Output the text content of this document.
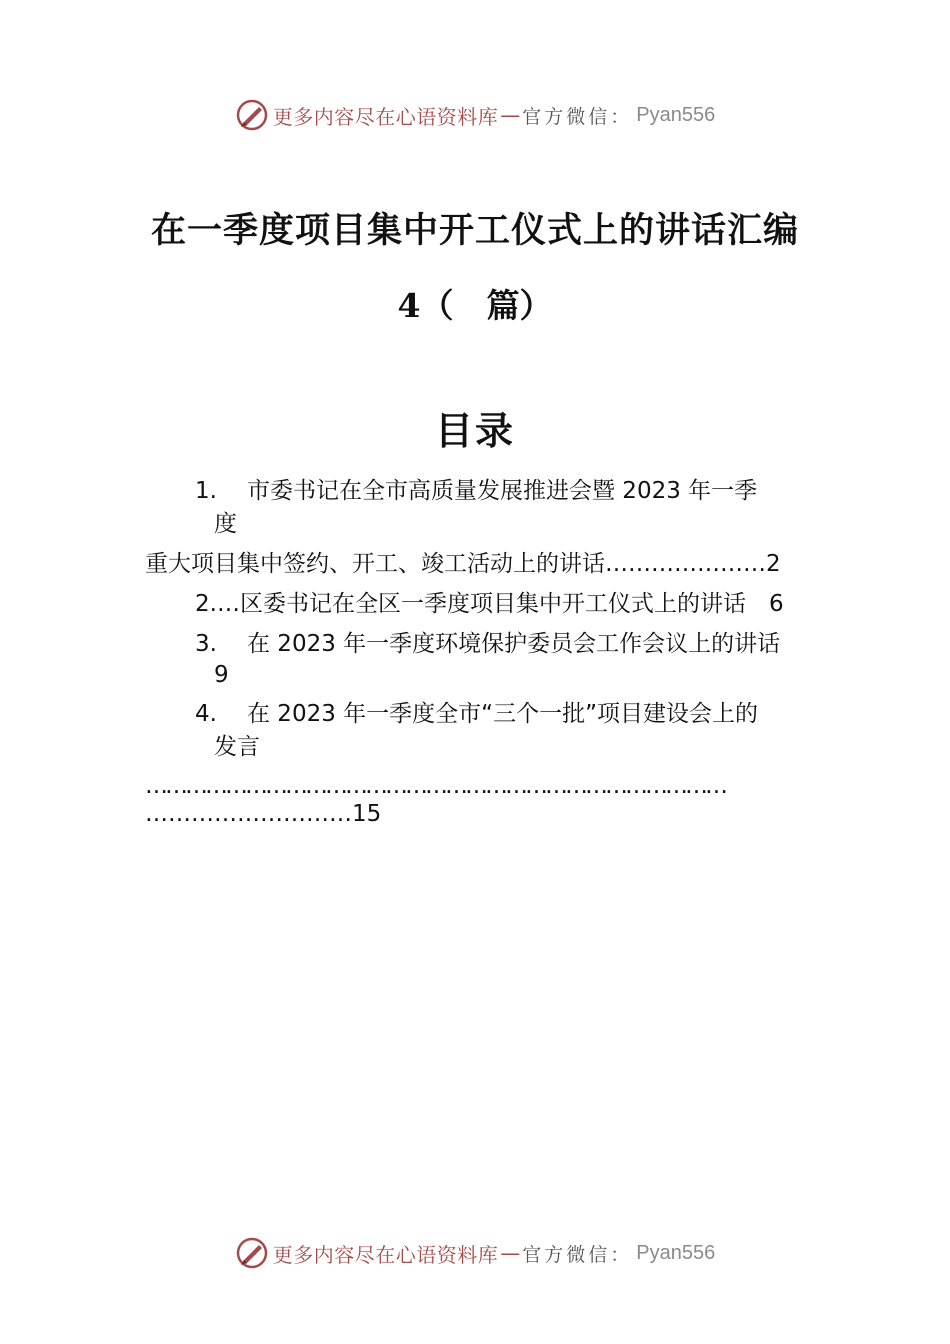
更多内容尽在心语资料库 — 官方微信： Pyan556
在一季度项目集中开工仪式上的讲话汇编
4（　篇）
目录
1. 市委书记在全市高质量发展推进会暨 2023 年一季
度
重大项目集中签约、开工、竣工活动上的讲话…………………2
2.…区委书记在全区一季度项目集中开工仪式上的讲话　6
3. 在 2023 年一季度环境保护委员会工作会议上的讲话
9
4. 在 2023 年一季度全市“三个一批”项目建设会上的
发言
……………………………………………………………………………
………………………15
更多内容尽在心语资料库 — 官方微信： Pyan556
